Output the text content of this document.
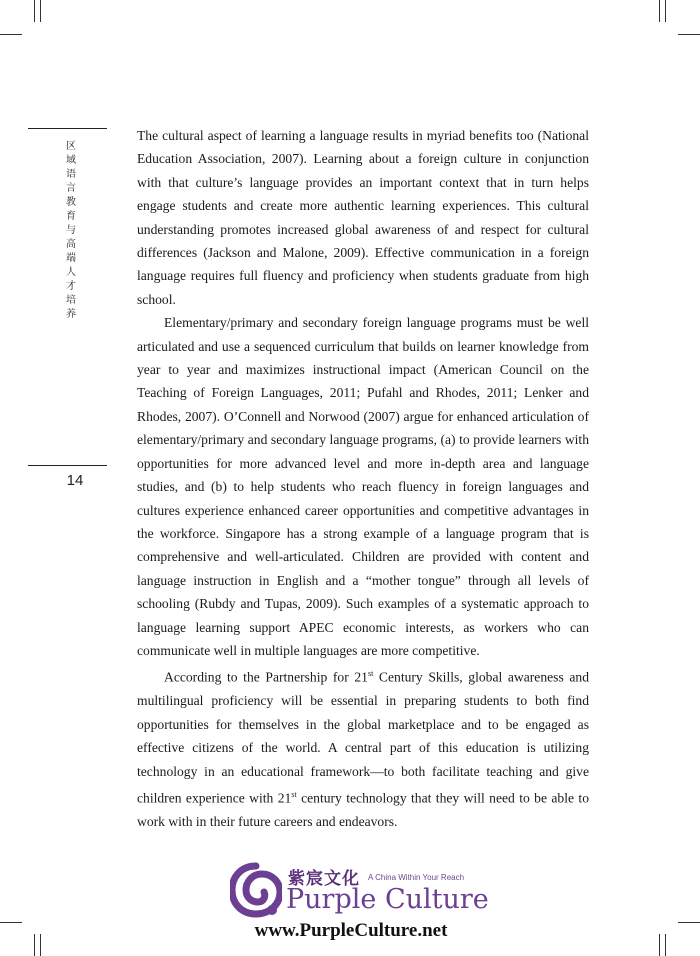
区域语言教育与高端人才培养
14

The cultural aspect of learning a language results in myriad benefits too (National Education Association, 2007). Learning about a foreign culture in conjunction with that culture’s language provides an important context that in turn helps engage students and create more authentic learning experiences. This cultural understanding promotes increased global awareness of and respect for cultural differences (Jackson and Malone, 2009). Effective communication in a foreign language requires full fluency and proficiency when students graduate from high school.

Elementary/primary and secondary foreign language programs must be well articulated and use a sequenced curriculum that builds on learner knowledge from year to year and maximizes instructional impact (American Council on the Teaching of Foreign Languages, 2011; Pufahl and Rhodes, 2011; Lenker and Rhodes, 2007). O’Connell and Norwood (2007) argue for enhanced articulation of elementary/primary and secondary language programs, (a) to provide learners with opportunities for more advanced level and more in-depth area and language studies, and (b) to help students who reach fluency in foreign languages and cultures experience enhanced career opportunities and competitive advantages in the workforce. Singapore has a strong example of a language program that is comprehensive and well-articulated. Children are provided with content and language instruction in English and a “mother tongue” through all levels of schooling (Rubdy and Tupas, 2009). Such examples of a systematic approach to language learning support APEC economic interests, as workers who can communicate well in multiple languages are more competitive.

According to the Partnership for 21st Century Skills, global awareness and multilingual proficiency will be essential in preparing students to both find opportunities for themselves in the global marketplace and to be engaged as effective citizens of the world. A central part of this education is utilizing technology in an educational framework—to both facilitate teaching and give children experience with 21st century technology that they will need to be able to work with in their future careers and endeavors.

紫宸文化 A China Within Your Reach
Purple Culture
www.PurpleCulture.net
